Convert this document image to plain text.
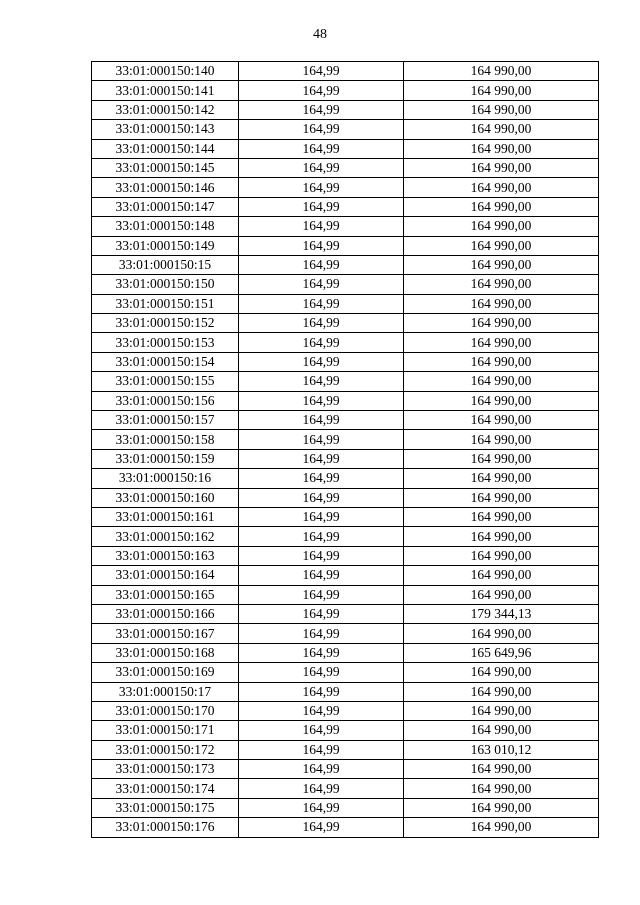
48
33:01:000150:140	164,99	164 990,00
33:01:000150:141	164,99	164 990,00
33:01:000150:142	164,99	164 990,00
33:01:000150:143	164,99	164 990,00
33:01:000150:144	164,99	164 990,00
33:01:000150:145	164,99	164 990,00
33:01:000150:146	164,99	164 990,00
33:01:000150:147	164,99	164 990,00
33:01:000150:148	164,99	164 990,00
33:01:000150:149	164,99	164 990,00
33:01:000150:15	164,99	164 990,00
33:01:000150:150	164,99	164 990,00
33:01:000150:151	164,99	164 990,00
33:01:000150:152	164,99	164 990,00
33:01:000150:153	164,99	164 990,00
33:01:000150:154	164,99	164 990,00
33:01:000150:155	164,99	164 990,00
33:01:000150:156	164,99	164 990,00
33:01:000150:157	164,99	164 990,00
33:01:000150:158	164,99	164 990,00
33:01:000150:159	164,99	164 990,00
33:01:000150:16	164,99	164 990,00
33:01:000150:160	164,99	164 990,00
33:01:000150:161	164,99	164 990,00
33:01:000150:162	164,99	164 990,00
33:01:000150:163	164,99	164 990,00
33:01:000150:164	164,99	164 990,00
33:01:000150:165	164,99	164 990,00
33:01:000150:166	164,99	179 344,13
33:01:000150:167	164,99	164 990,00
33:01:000150:168	164,99	165 649,96
33:01:000150:169	164,99	164 990,00
33:01:000150:17	164,99	164 990,00
33:01:000150:170	164,99	164 990,00
33:01:000150:171	164,99	164 990,00
33:01:000150:172	164,99	163 010,12
33:01:000150:173	164,99	164 990,00
33:01:000150:174	164,99	164 990,00
33:01:000150:175	164,99	164 990,00
33:01:000150:176	164,99	164 990,00
